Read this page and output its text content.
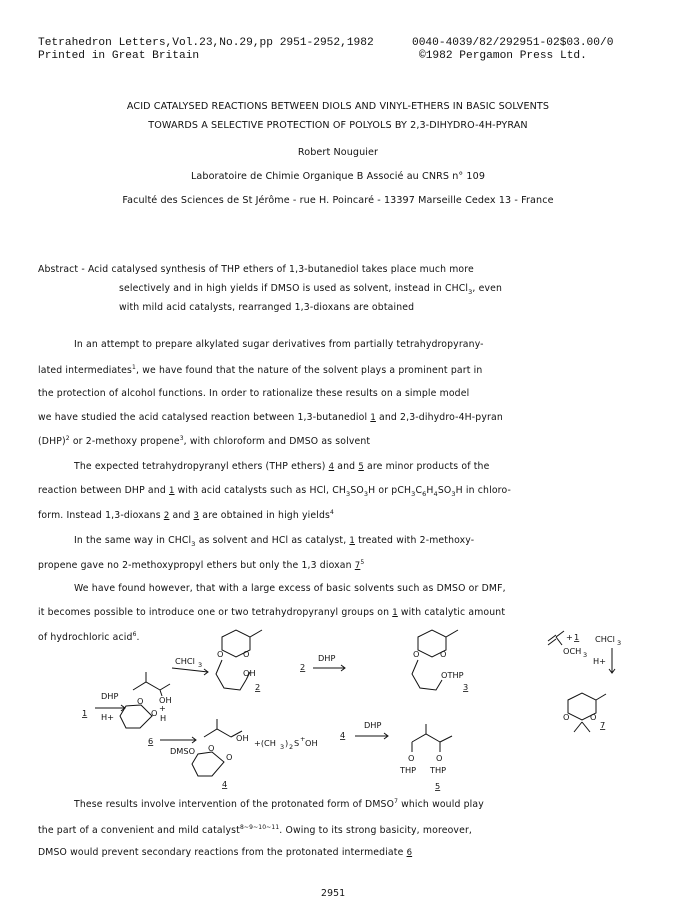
Tetrahedron Letters,Vol.23,No.29,pp 2951-2952,1982	0040-4039/82/292951-02$03.00/0
Printed in Great Britain	©1982 Pergamon Press Ltd.
ACID CATALYSED REACTIONS BETWEEN DIOLS AND VINYL-ETHERS IN BASIC SOLVENTS
TOWARDS A SELECTIVE PROTECTION OF POLYOLS BY 2,3-DIHYDRO-4H-PYRAN
Robert Nouguier
Laboratoire de Chimie Organique B Associé au CNRS n° 109
Faculté des Sciences de St Jérôme - rue H. Poincaré - 13397 Marseille Cedex 13 - France
Abstract - Acid catalysed synthesis of THP ethers of 1,3-butanediol takes place much more
selectively and in high yields if DMSO is used as solvent, instead in CHCl$_3$, even
with mild acid catalysts, rearranged 1,3-dioxans are obtained
In an attempt to prepare alkylated sugar derivatives from partially tetrahydropyrany-
lated intermediates$^1$, we have found that the nature of the solvent plays a prominent part in
the protection of alcohol functions. In order to rationalize these results on a simple model
we have studied the acid catalysed reaction between 1,3-butanediol 1 and 2,3-dihydro-4H-pyran
(DHP)$^2$ or 2-methoxy propene$^3$, with chloroform and DMSO as solvent
The expected tetrahydropyranyl ethers (THP ethers) 4 and 5 are minor products of the
reaction between DHP and 1 with acid catalysts such as HCl, $CH_3SO_3H$ or $pCH_3C_6H_4SO_3H$ in chloro-
form. Instead 1,3-dioxans 2 and 3 are obtained in high yields$^4$
In the same way in CHCl$_3$ as solvent and HCl as catalyst, 1 treated with 2-methoxy-
propene gave no 2-methoxypropyl ethers but only the 1,3 dioxan $7^5$
We have found however, that with a large excess of basic solvents such as DMSO or DMF,
it becomes possible to introduce one or two tetrahydropyranyl groups on 1 with catalytic amount
of hydrochloric acid$^6$.
1
DHP
H+
O OH
O +
H
6
CHCl 3
O O
OH
2
2
DHP	O	O
OTHP
3
OCH 3
+ 1 CHCl 3
H+
O	O
7
DMSO
OH
O
O
4
+(CH 3 ) 2 S + OH
4
DHP
O	O
THP THP
5
These results involve intervention of the protonated form of DMSO$^7$ which would play
the part of a convenient and mild catalyst$^{8\sim 9\sim 10\sim 11}$. Owing to its strong basicity, moreover,
DMSO would prevent secondary reactions from the protonated intermediate 6
2951
